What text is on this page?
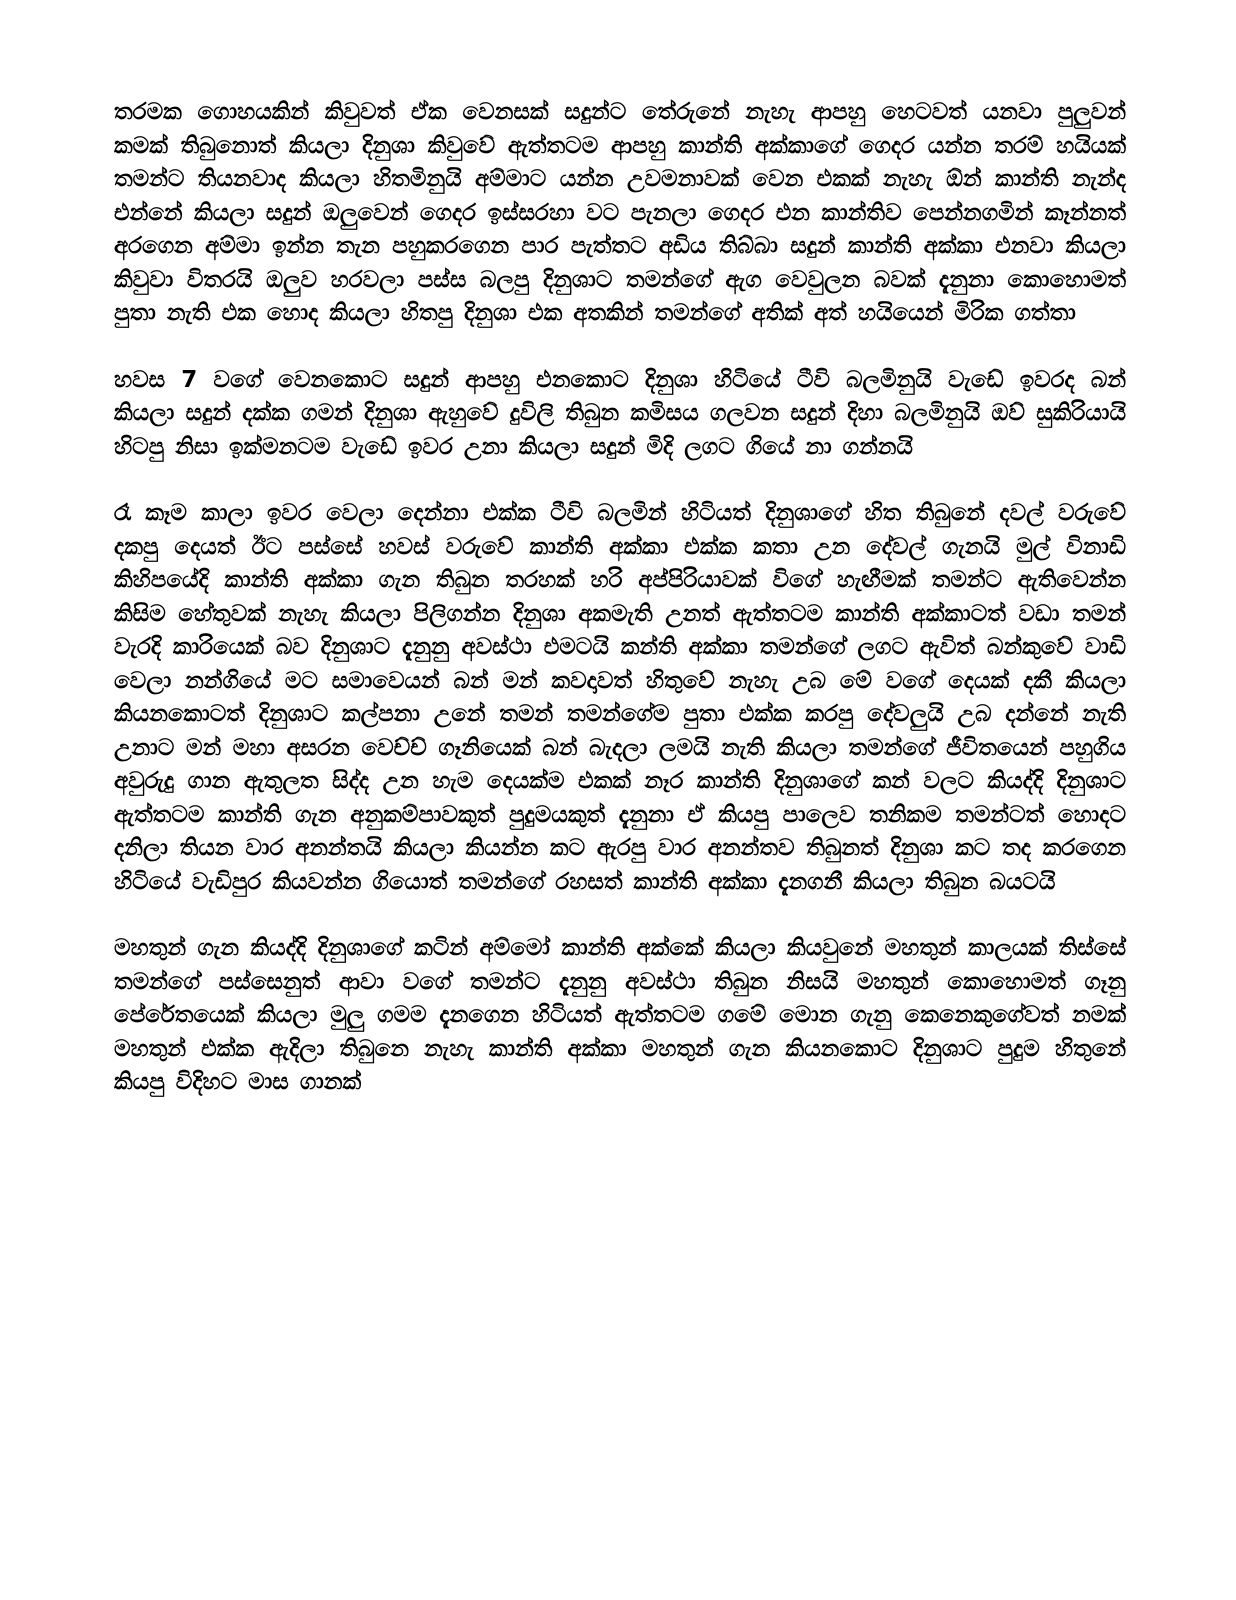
තරමක ගොහයකින් කිවුවත් ඒක වෙනසක් සදුන්ට තේරුනේ නැහැ ආපහු හෙටවත් යනවා පුලුවන් කමක් තිබුනොත් කියලා දිනුශා කිවුවේ ඇත්තටම ආපහු කාන්ති අක්කාගේ ගෙදර යන්න තරම් හයියක් තමන්ට තියනවාද කියලා හිතමිනුයි අම්මාට යන්න උවමනාවක් වෙන එකක් නැහැ ඕන් කාන්ති නැන්ද එන්නේ කියලා සදුන් ඔලුවෙන් ගෙදර ඉස්සරහා වට පැනලා ගෙදර එන කාන්තිව පෙන්නගමින් කෑන්නත් අරගෙන අම්මා ඉන්න තැන පහුකරගෙන පාර පැත්තට අඩිය තිබ්බා සදුන් කාන්ති අක්කා එනවා කියලා කිවුවා විතරයි ඔලුව හරවලා පස්ස බලපු දිනුශාට තමන්ගේ ඇග වෙවුලන බවක් දැනුනා කොහොමත් පුතා නැති එක හොද කියලා හිතපු දිනුශා එක අතකින් තමන්ගේ අතික් අත් හයියෙන් මිරික ගත්තා

හවස 7 වගේ වෙනකොට සදුන් ආපහු එනකොට දිනුශා හිටියේ ටීවි බලමිනුයි වැඩේ ඉවරද බන් කියලා සදුන් දක්ක ගමන් දිනුශා ඇහුවේ දුවිලි තිබුන කමිසය ගලවන සදුන් දිහා බලමිනුයි ඔව් සුකිරියායි හිටපු නිසා ඉක්මනටම වැඩේ ඉවර උනා කියලා සදුන් මිදි ලගට ගියේ නා ගන්නයි

රෑ කෑම කාලා ඉවර වෙලා දෙන්නා එක්ක ටීවි බලමින් හිටියත් දිනුශාගේ හිත තිබුනේ දවල් වරුවේ දකපු දෙයත් ඊට පස්සේ හවස් වරුවේ කාන්ති අක්කා එක්ක කතා උන දේවල් ගැනයි මුල් විනාඩි කිහිපයේදි කාන්ති අක්කා ගැන තිබුන තරහක් හරි අප්පිරියාවක් විගේ හැඟීමක් තමන්ට ඇතිවෙන්න කිසිම හේතුවක් නැහැ කියලා පිලිගන්න දිනුශා අකමැති උනත් ඇත්තටම කාන්ති අක්කාටත් වඩා තමන් වැරදි කාරියෙක් බව දිනුශාට දැනුනු අවස්ථා එමටයි කන්ති අක්කා තමන්ගේ ලගට ඇවිත් බන්කුවේ වාඩි වෙලා නන්ගියේ මට සමාවෙයන් බන් මන් කවදාවත් හිතුවේ නැහැ උබ මේ වගේ දෙයක් දකී කියලා කියනකොටත් දිනුශාට කල්පනා උනේ තමන් තමන්ගේම පුතා එක්ක කරපු දේවලුයි උබ දන්නේ නැති උනාට මන් මහා අසරන වෙච්ච් ගෑනියෙක් බන් බැදලා ලමයි නැති කියලා තමන්ගේ ජීවිතයෙන් පහුගිය අවුරුදු ගාන ඇතුලත සිද්ද උන හැම දෙයක්ම එකක් නෑර කාන්ති දිනුශාගේ කන් වලට කියද්දි දිනුශාට ඇත්තටම කාන්ති ගැන අනුකම්පාවකුත් පුදුමයකුත් දැනුනා ඒ කියපු පාලෙව තනිකම තමන්ටත් හොදට දනිලා තියන වාර අනන්තයි කියලා කියන්න කට ඇරපු වාර අනන්තව තිබුනත් දිනුශා කට තද කරගෙන හිටියේ වැඩිපුර කියවන්න ගියොත් තමන්ගේ රහසත් කාන්ති අක්කා දැනගනී කියලා තිබුන බයටයි

මහතුන් ගැන කියද්දි දිනුශාගේ කටින් අම්මෝ කාන්ති අක්කේ කියලා කියවුනේ මහතුන් කාලයක් තිස්සේ තමන්ගේ පස්සෙනුත් ආවා වගේ තමන්ට දැනුනු අවස්ථා තිබුන නිසයි මහතුන් කොහොමත් ගෑනු පේරේතයෙක් කියලා මුලු ගමම දැනගෙන හිටියත් ඇත්තටම ගමේ මොන ගැනු කෙනෙකුගේවත් නමක් මහතුන් එක්ක ඇදිලා තිබුනෙ නැහැ කාන්ති අක්කා මහතුන් ගැන කියනකොට දිනුශාට පුදුම හිතුනේ කියපු විදිහට මාස ගානක්
